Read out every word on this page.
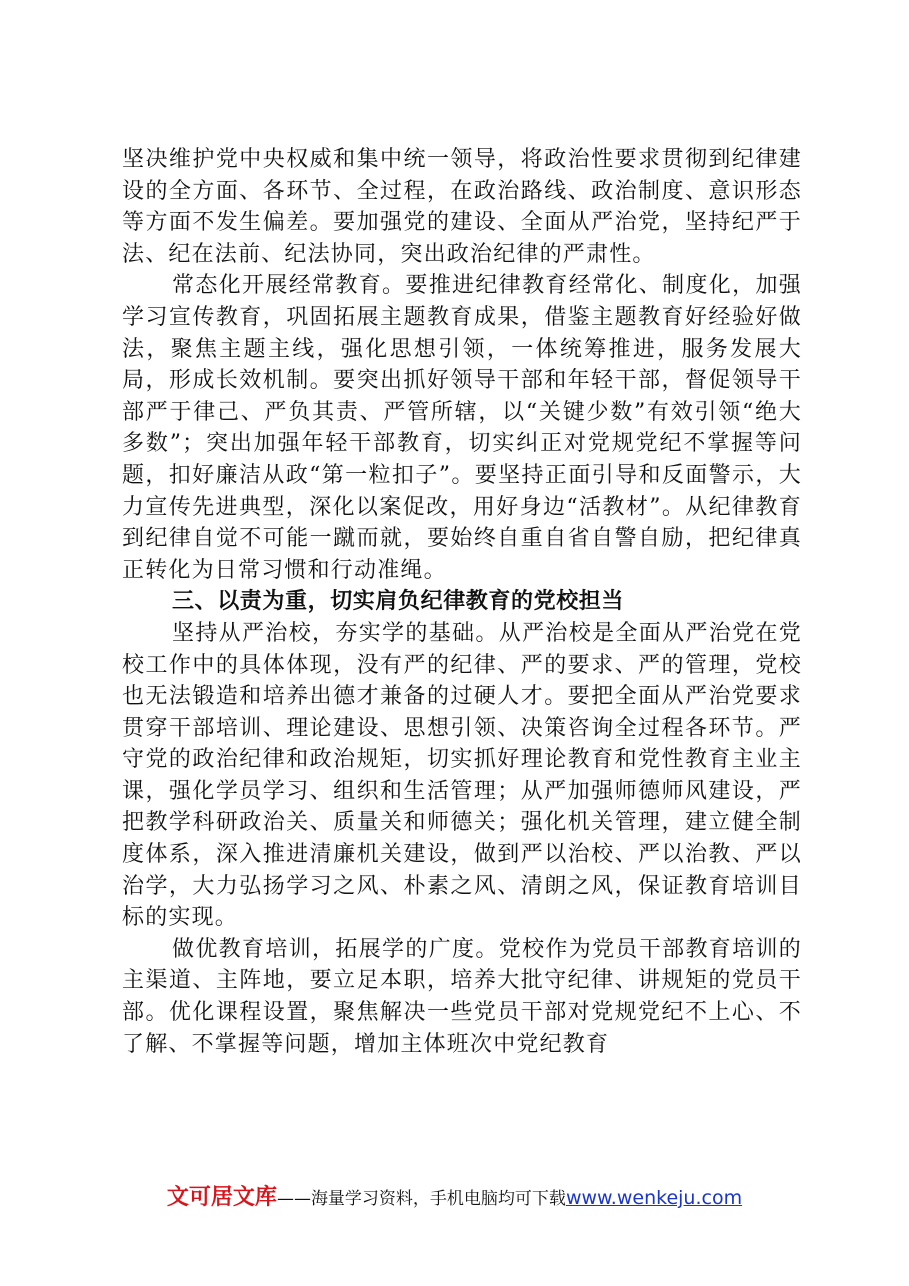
坚决维护党中央权威和集中统一领导，将政治性要求贯彻到纪律建设的全方面、各环节、全过程，在政治路线、政治制度、意识形态等方面不发生偏差。要加强党的建设、全面从严治党，坚持纪严于法、纪在法前、纪法协同，突出政治纪律的严肃性。

常态化开展经常教育。要推进纪律教育经常化、制度化，加强学习宣传教育，巩固拓展主题教育成果，借鉴主题教育好经验好做法，聚焦主题主线，强化思想引领，一体统筹推进，服务发展大局，形成长效机制。要突出抓好领导干部和年轻干部，督促领导干部严于律己、严负其责、严管所辖，以“关键少数”有效引领“绝大多数”；突出加强年轻干部教育，切实纠正对党规党纪不掌握等问题，扣好廉洁从政“第一粒扣子”。要坚持正面引导和反面警示，大力宣传先进典型，深化以案促改，用好身边“活教材”。从纪律教育到纪律自觉不可能一蹴而就，要始终自重自省自警自励，把纪律真正转化为日常习惯和行动准绳。

三、以责为重，切实肩负纪律教育的党校担当

坚持从严治校，夯实学的基础。从严治校是全面从严治党在党校工作中的具体体现，没有严的纪律、严的要求、严的管理，党校也无法锻造和培养出德才兼备的过硬人才。要把全面从严治党要求贯穿干部培训、理论建设、思想引领、决策咨询全过程各环节。严守党的政治纪律和政治规矩，切实抓好理论教育和党性教育主业主课，强化学员学习、组织和生活管理；从严加强师德师风建设，严把教学科研政治关、质量关和师德关；强化机关管理，建立健全制度体系，深入推进清廉机关建设，做到严以治校、严以治教、严以治学，大力弘扬学习之风、朴素之风、清朗之风，保证教育培训目标的实现。

做优教育培训，拓展学的广度。党校作为党员干部教育培训的主渠道、主阵地，要立足本职，培养大批守纪律、讲规矩的党员干部。优化课程设置，聚焦解决一些党员干部对党规党纪不上心、不了解、不掌握等问题，增加主体班次中党纪教育

文可居文库——海量学习资料，手机电脑均可下载www.wenkeju.com
